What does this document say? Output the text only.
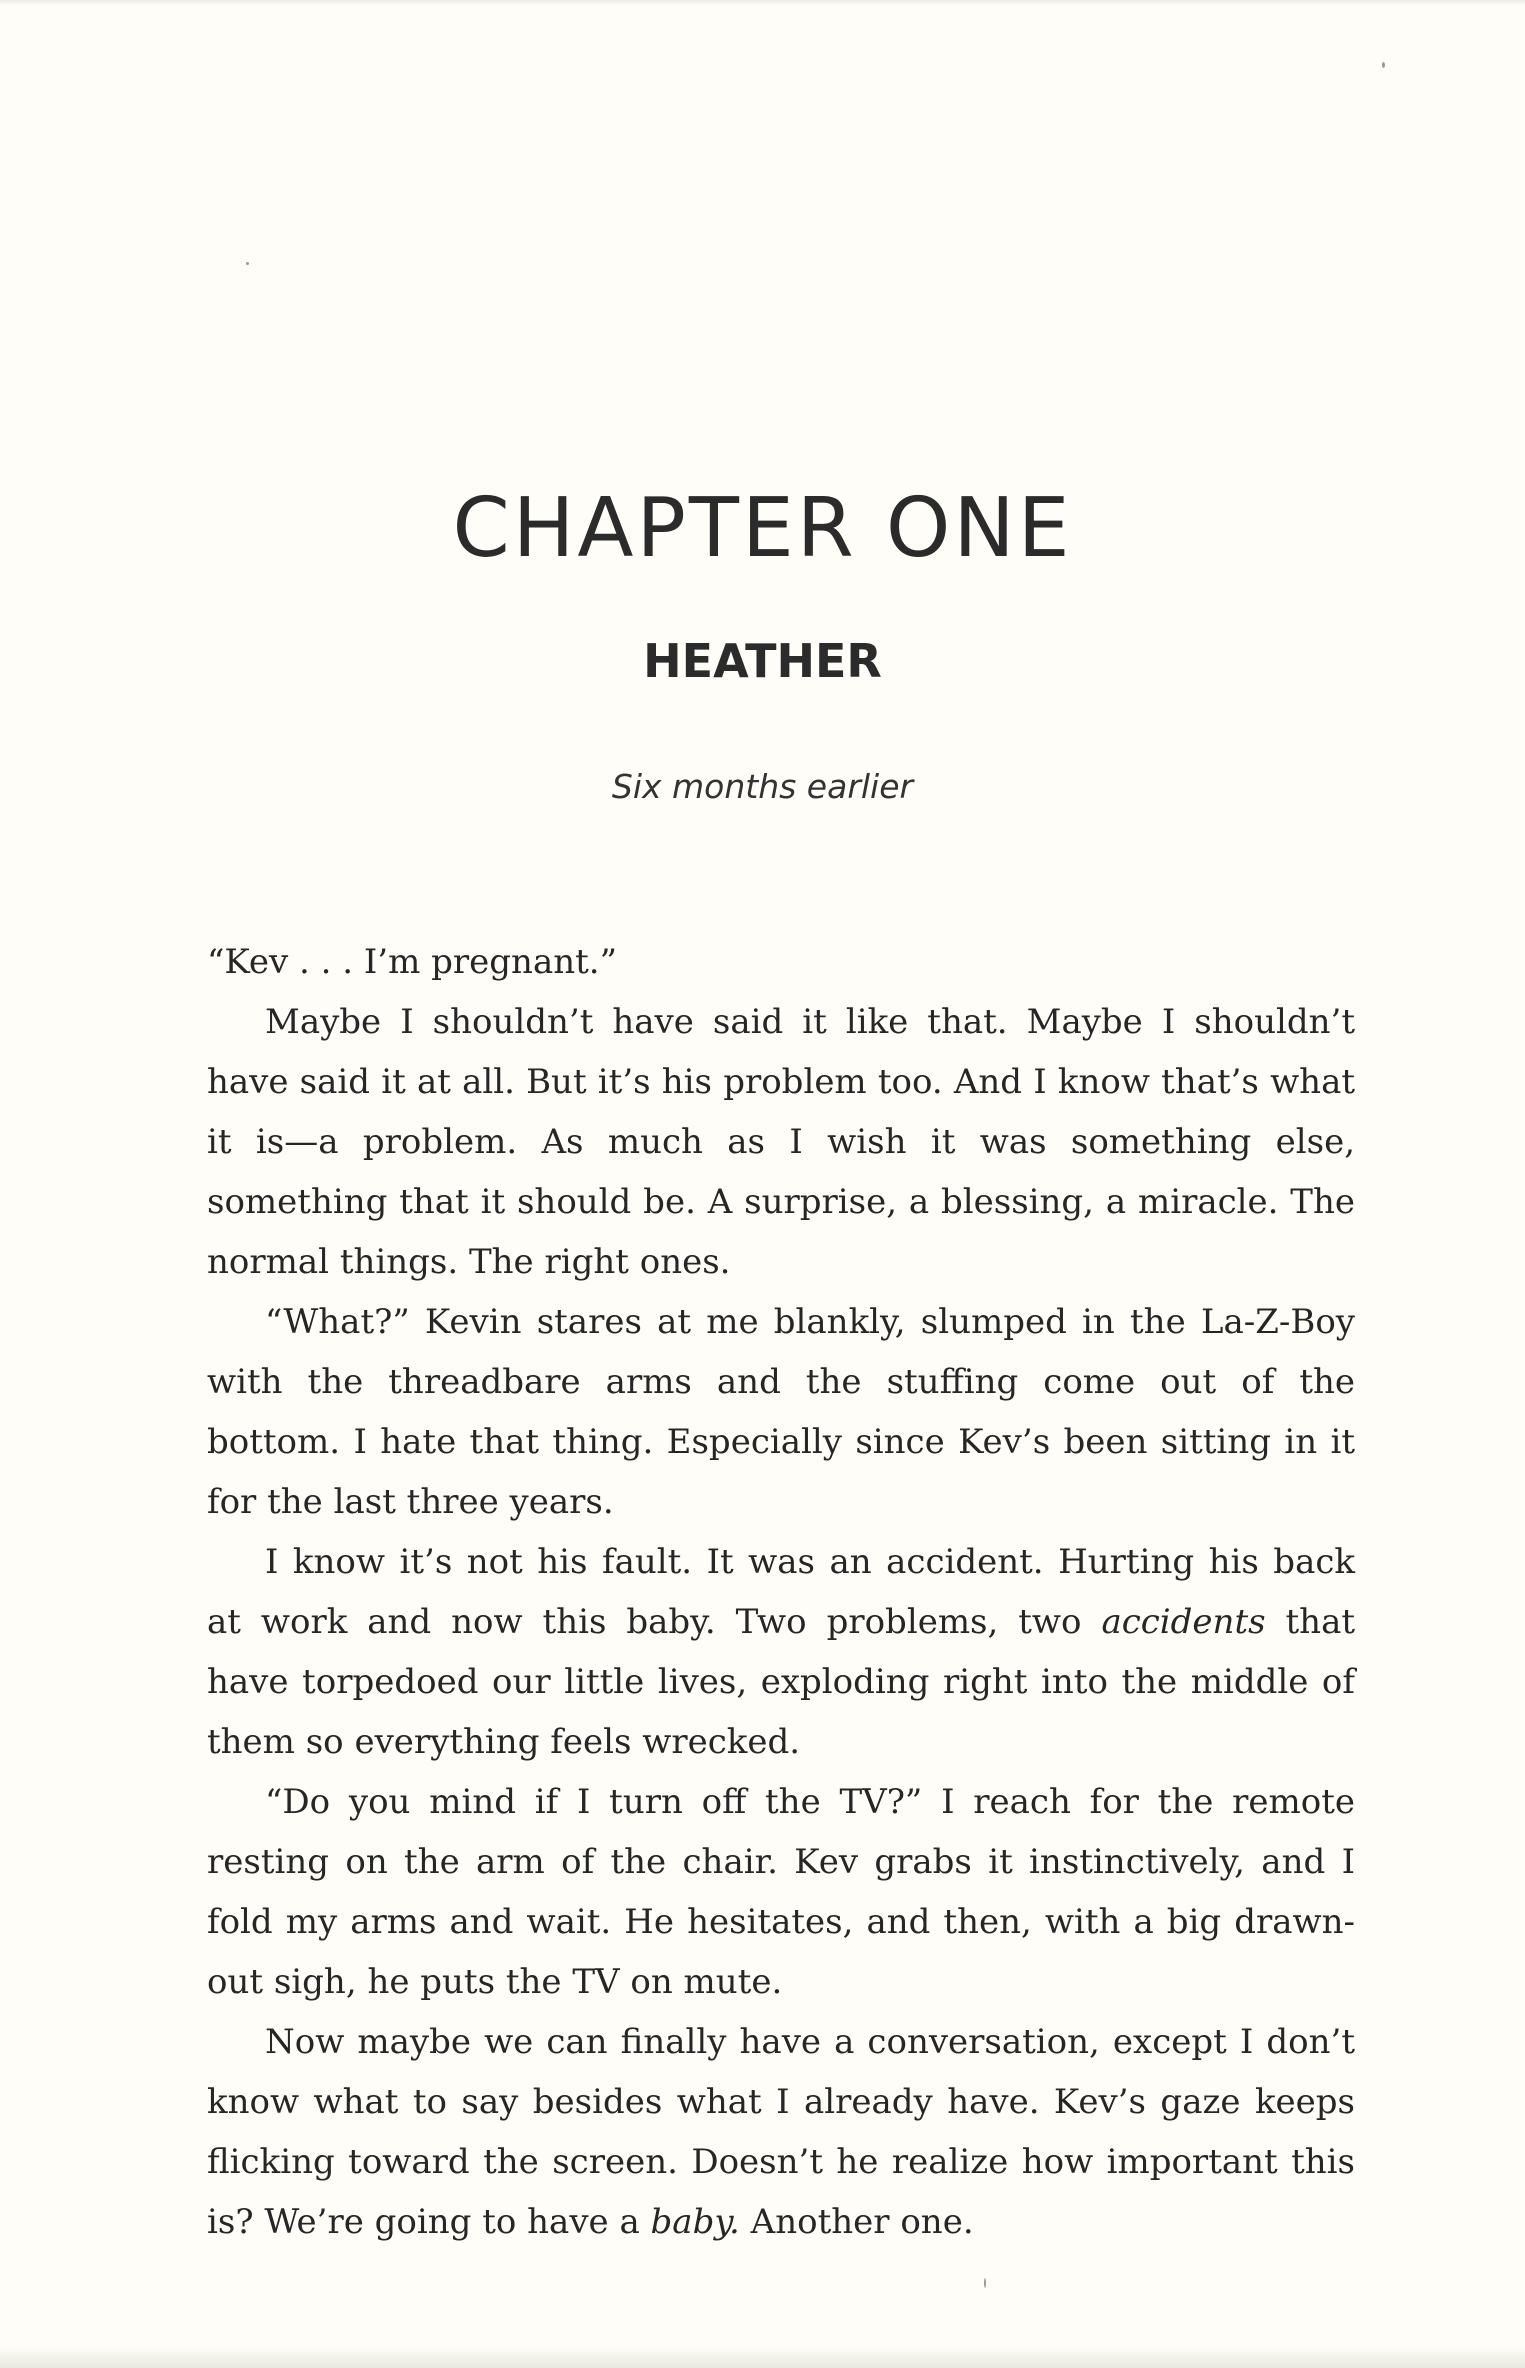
CHAPTER ONE
HEATHER
Six months earlier

“Kev . . . I’m pregnant.”

Maybe I shouldn’t have said it like that. Maybe I shouldn’t have said it at all. But it’s his problem too. And I know that’s what it is—a problem. As much as I wish it was something else, something that it should be. A surprise, a blessing, a miracle. The normal things. The right ones.

“What?” Kevin stares at me blankly, slumped in the La-Z-Boy with the threadbare arms and the stuffing come out of the bottom. I hate that thing. Especially since Kev’s been sitting in it for the last three years.

I know it’s not his fault. It was an accident. Hurting his back at work and now this baby. Two problems, two accidents that have torpedoed our little lives, exploding right into the middle of them so everything feels wrecked.

“Do you mind if I turn off the TV?” I reach for the remote resting on the arm of the chair. Kev grabs it instinctively, and I fold my arms and wait. He hesitates, and then, with a big drawn-out sigh, he puts the TV on mute.

Now maybe we can finally have a conversation, except I don’t know what to say besides what I already have. Kev’s gaze keeps flicking toward the screen. Doesn’t he realize how important this is? We’re going to have a baby. Another one.
